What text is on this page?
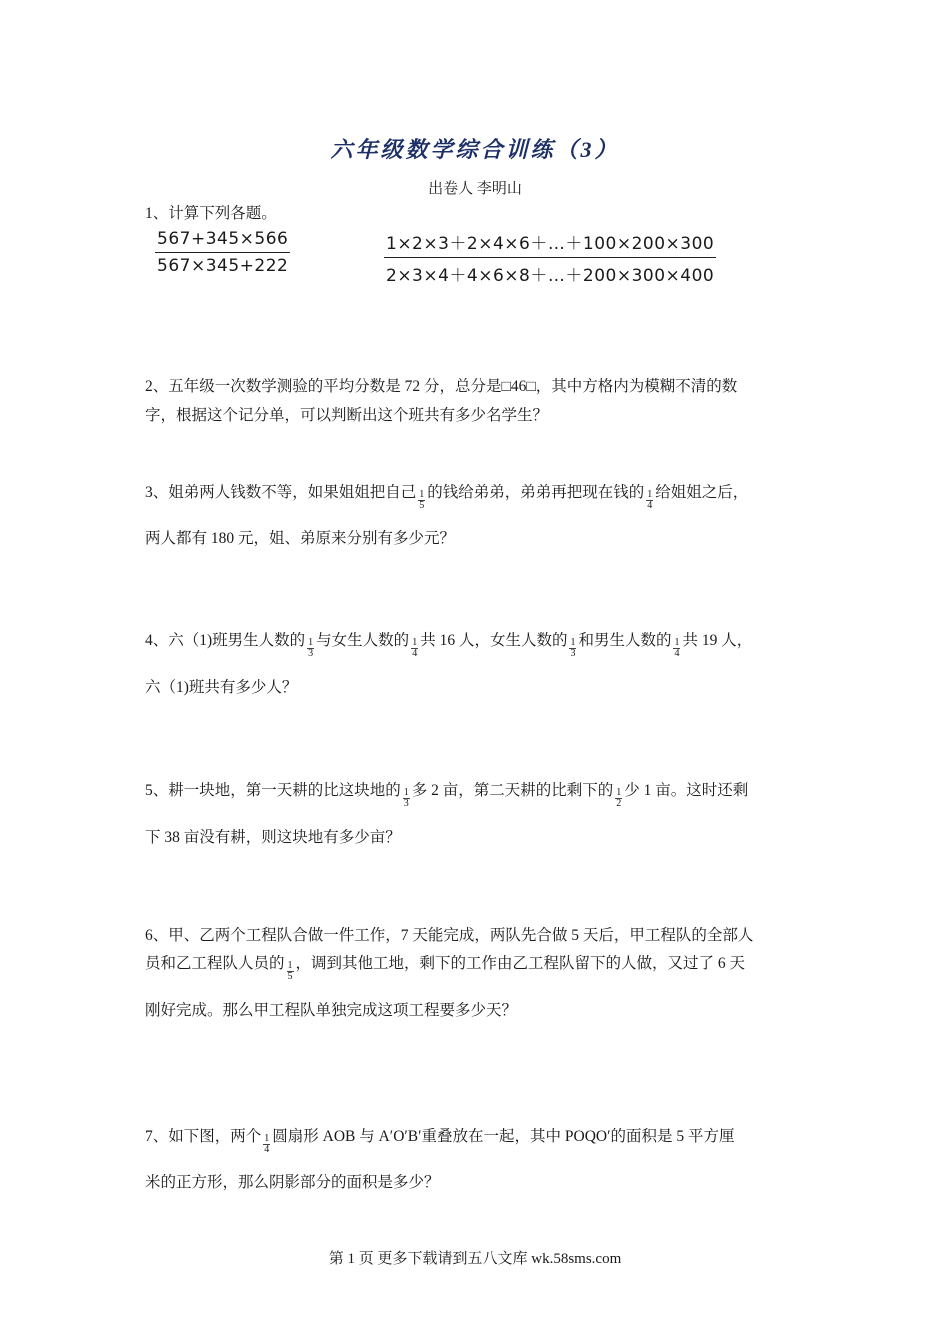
六年级数学综合训练（3）
出卷人 李明山
1、计算下列各题。
$\frac{567+345\times 566}{567\times 345+222}$	$\frac{1\times 2\times 3+2\times 4\times 6+\dots+100\times 200\times 300}{2\times 3\times 4+4\times 6\times 8+\dots+200\times 300\times 400}$
2、五年级一次数学测验的平均分数是 72 分，总分是□46□，其中方格内为模糊不清的数
字，根据这个记分单，可以判断出这个班共有多少名学生？
3、姐弟两人钱数不等，如果姐姐把自己 $\frac{1}{5}$ 的钱给弟弟，弟弟再把现在钱的 $\frac{1}{4}$ 给姐姐之后，
两人都有 180 元，姐、弟原来分别有多少元？
4、六（1)班男生人数的 $\frac{1}{3}$ 与女生人数的 $\frac{1}{4}$ 共 16 人，女生人数的 $\frac{1}{3}$ 和男生人数的 $\frac{1}{4}$ 共 19 人，
六（1)班共有多少人？
5、耕一块地，第一天耕的比这块地的 $\frac{1}{3}$ 多 2 亩，第二天耕的比剩下的 $\frac{1}{2}$ 少 1 亩。这时还剩
下 38 亩没有耕，则这块地有多少亩？
6、甲、乙两个工程队合做一件工作，7 天能完成，两队先合做 5 天后，甲工程队的全部人
员和乙工程队人员的 $\frac{1}{5}$ ，调到其他工地，剩下的工作由乙工程队留下的人做，又过了 6 天
刚好完成。那么甲工程队单独完成这项工程要多少天？
7、如下图，两个 $\frac{1}{4}$ 圆扇形 AOB 与 A′O′B′重叠放在一起，其中 POQO′的面积是 5 平方厘
米的正方形，那么阴影部分的面积是多少？
第 1 页 更多下载请到五八文库 wk.58sms.com
